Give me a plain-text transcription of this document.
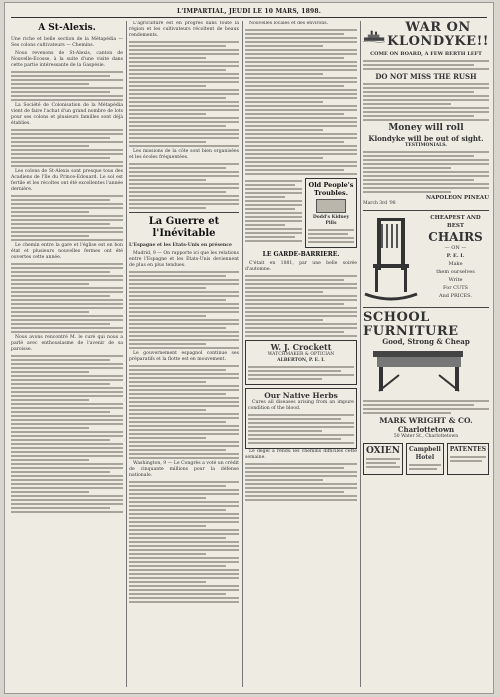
L'IMPARTIAL, JEUDI LE 10 MARS, 1898.
A St-Alexis.

Une riche et belle section de la Métapédia — Ses colons cultivateurs — Chemins.

Nous revenons de St-Alexis, canton de Nouvelle-Ecosse, à la suite d'une visite dans cette partie intéressante de la Gaspésie.

La Société de Colonisation de la Métapédia vient de faire l'achat d'un grand nombre de lots pour ses colons et plusieurs familles sont déjà établies.

Les colons de St-Alexis sont presque tous des Acadiens de l'Ile du Prince-Edouard. Le sol est fertile et les récoltes ont été excellentes l'année dernière.

Le chemin entre la gare et l'église est en bon état et plusieurs nouvelles fermes ont été ouvertes cette année.

Nous avons rencontré M. le curé qui nous a parlé avec enthousiasme de l'avenir de sa paroisse.

L'agriculture est en progrès dans toute la région et les cultivateurs récoltent de beaux rendements.

Les missions de la côte sont bien organisées et les écoles fréquentées.

La Guerre et l'Inévitable

L'Espagne et les Etats-Unis en présence

Madrid, 9 — On rapporte ici que les relations entre l'Espagne et les Etats-Unis deviennent de plus en plus tendues.

Le gouvernement espagnol continue ses préparatifs et la flotte est en mouvement.

Washington, 9 — Le Congrès a voté un crédit de cinquante millions pour la défense nationale.

Nouvelles locales et des environs.

Old People's Troubles.
Dodd's Kidney Pills
LE GARDE-BARRIERE.

C'était en 1881, par une belle soirée d'automne.

W. J. Crockett
WATCHMAKER & OPTICIAN
ALBERTON, P. E. I.
Our Native Herbs

Cures all diseases arising from an impure condition of the blood.

Le dégel a rendu les chemins difficiles cette semaine.

WAR ON
KLONDYKE!!
COME ON BOARD, A FEW BERTH LEFT
DO NOT MISS THE RUSH
Money will roll
Klondyke will be out of sight.
TESTIMONIALS.
NAPOLEON PINEAU
March 3rd '98
CHEAPEST AND BEST
CHAIRS
— ON —
P. E. I.
Make
them ourselves
Write
For CUTS
And PRICES.
SCHOOL
FURNITURE
Good, Strong & Cheap
MARK WRIGHT & CO.
Charlottetown
50 Water St., Charlottetown
OXIEN Campbell Hotel
PATENTES
